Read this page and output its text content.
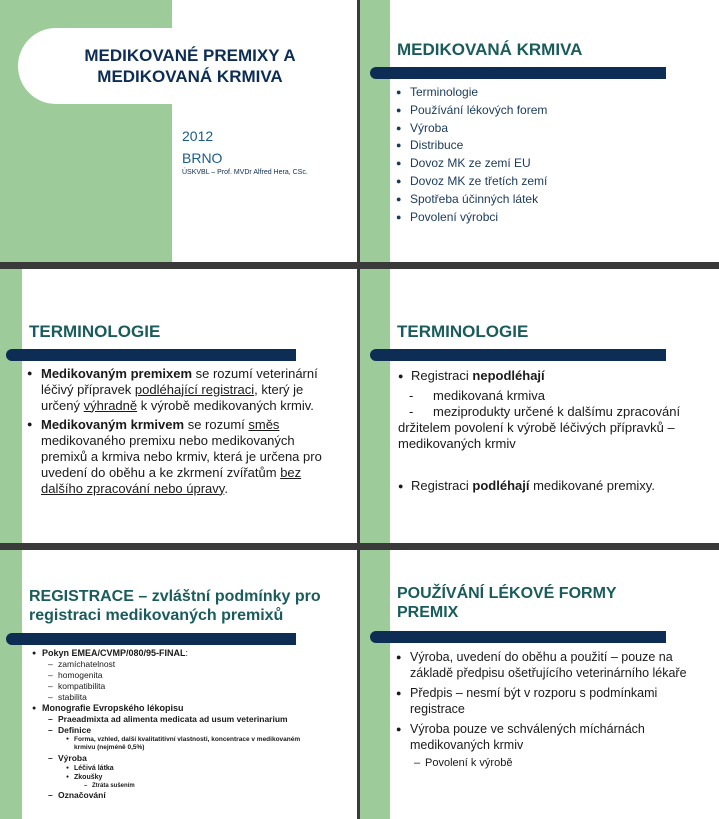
MEDIKOVANÉ PREMIXY A
MEDIKOVANÁ KRMIVA
2012
BRNO
ÚSKVBL – Prof. MVDr Alfred Hera, CSc.
MEDIKOVANÁ KRMIVA
● Terminologie
● Používání lékových forem
● Výroba
● Distribuce
● Dovoz MK ze zemí EU
● Dovoz MK ze třetích zemí
● Spotřeba účinných látek
● Povolení výrobci
TERMINOLOGIE
● Medikovaným premixem se rozumí veterinární léčivý přípravek podléhající registraci, který je určený výhradně k výrobě medikovaných krmiv.
● Medikovaným krmivem se rozumí směs medikovaného premixu nebo medikovaných premixů a krmiva nebo krmiv, která je určena pro uvedení do oběhu a ke zkrmení zvířatům bez dalšího zpracování nebo úpravy.
TERMINOLOGIE
● Registraci nepodléhají
- medikovaná krmiva
- meziprodukty určené k dalšímu zpracování držitelem povolení k výrobě léčivých přípravků – medikovaných krmiv
● Registraci podléhají medikované premixy.
REGISTRACE – zvláštní podmínky pro
registraci medikovaných premixů
● Pokyn EMEA/CVMP/080/95-FINAL:
– zamíchatelnost
– homogenita
– kompatibilita
– stabilita
● Monografie Evropského lékopisu
– Praeadmixta ad alimenta medicata ad usum veterinarium
– Definice
● Forma, vzhled, další kvalitatitivní vlastnosti, koncentrace v medikovaném krmivu (nejméně 0,5%)
– Výroba
● Léčivá látka
● Zkoušky
– Ztráta sušením
– Označování
POUŽÍVÁNÍ LÉKOVÉ FORMY
PREMIX
● Výroba, uvedení do oběhu a použití – pouze na základě předpisu ošetřujícího veterinárního lékaře
● Předpis – nesmí být v rozporu s podmínkami registrace
● Výroba pouze ve schválených míchárnách medikovaných krmiv
– Povolení k výrobě
